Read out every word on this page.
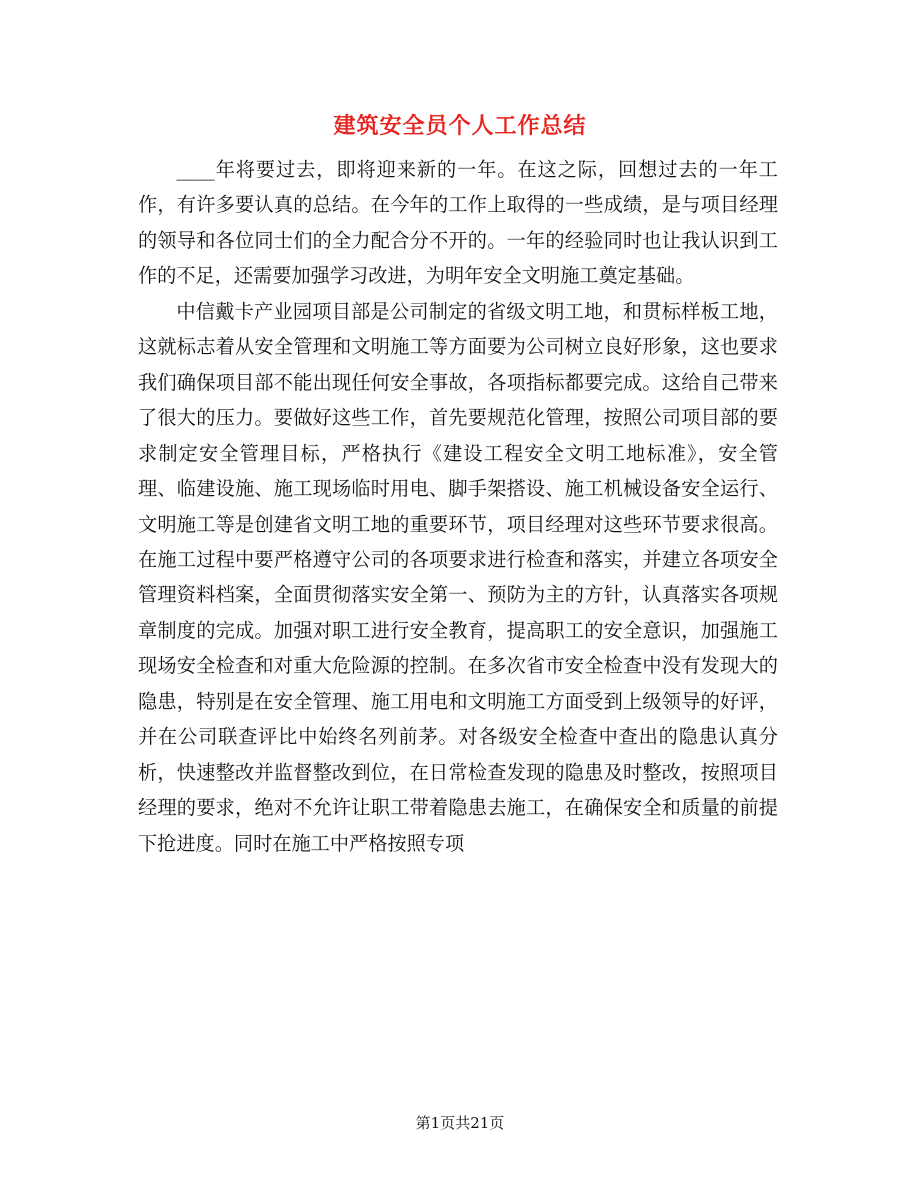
建筑安全员个人工作总结

____年将要过去，即将迎来新的一年。在这之际，回想过去的一年工作，有许多要认真的总结。在今年的工作上取得的一些成绩，是与项目经理的领导和各位同士们的全力配合分不开的。一年的经验同时也让我认识到工作的不足，还需要加强学习改进，为明年安全文明施工奠定基础。

中信戴卡产业园项目部是公司制定的省级文明工地，和贯标样板工地，这就标志着从安全管理和文明施工等方面要为公司树立良好形象，这也要求我们确保项目部不能出现任何安全事故，各项指标都要完成。这给自己带来了很大的压力。要做好这些工作，首先要规范化管理，按照公司项目部的要求制定安全管理目标，严格执行《建设工程安全文明工地标准》，安全管理、临建设施、施工现场临时用电、脚手架搭设、施工机械设备安全运行、文明施工等是创建省文明工地的重要环节，项目经理对这些环节要求很高。在施工过程中要严格遵守公司的各项要求进行检查和落实，并建立各项安全管理资料档案，全面贯彻落实安全第一、预防为主的方针，认真落实各项规章制度的完成。加强对职工进行安全教育，提高职工的安全意识，加强施工现场安全检查和对重大危险源的控制。在多次省市安全检查中没有发现大的隐患，特别是在安全管理、施工用电和文明施工方面受到上级领导的好评，并在公司联查评比中始终名列前茅。对各级安全检查中查出的隐患认真分析，快速整改并监督整改到位，在日常检查发现的隐患及时整改，按照项目经理的要求，绝对不允许让职工带着隐患去施工，在确保安全和质量的前提下抢进度。同时在施工中严格按照专项

第1页共21页
